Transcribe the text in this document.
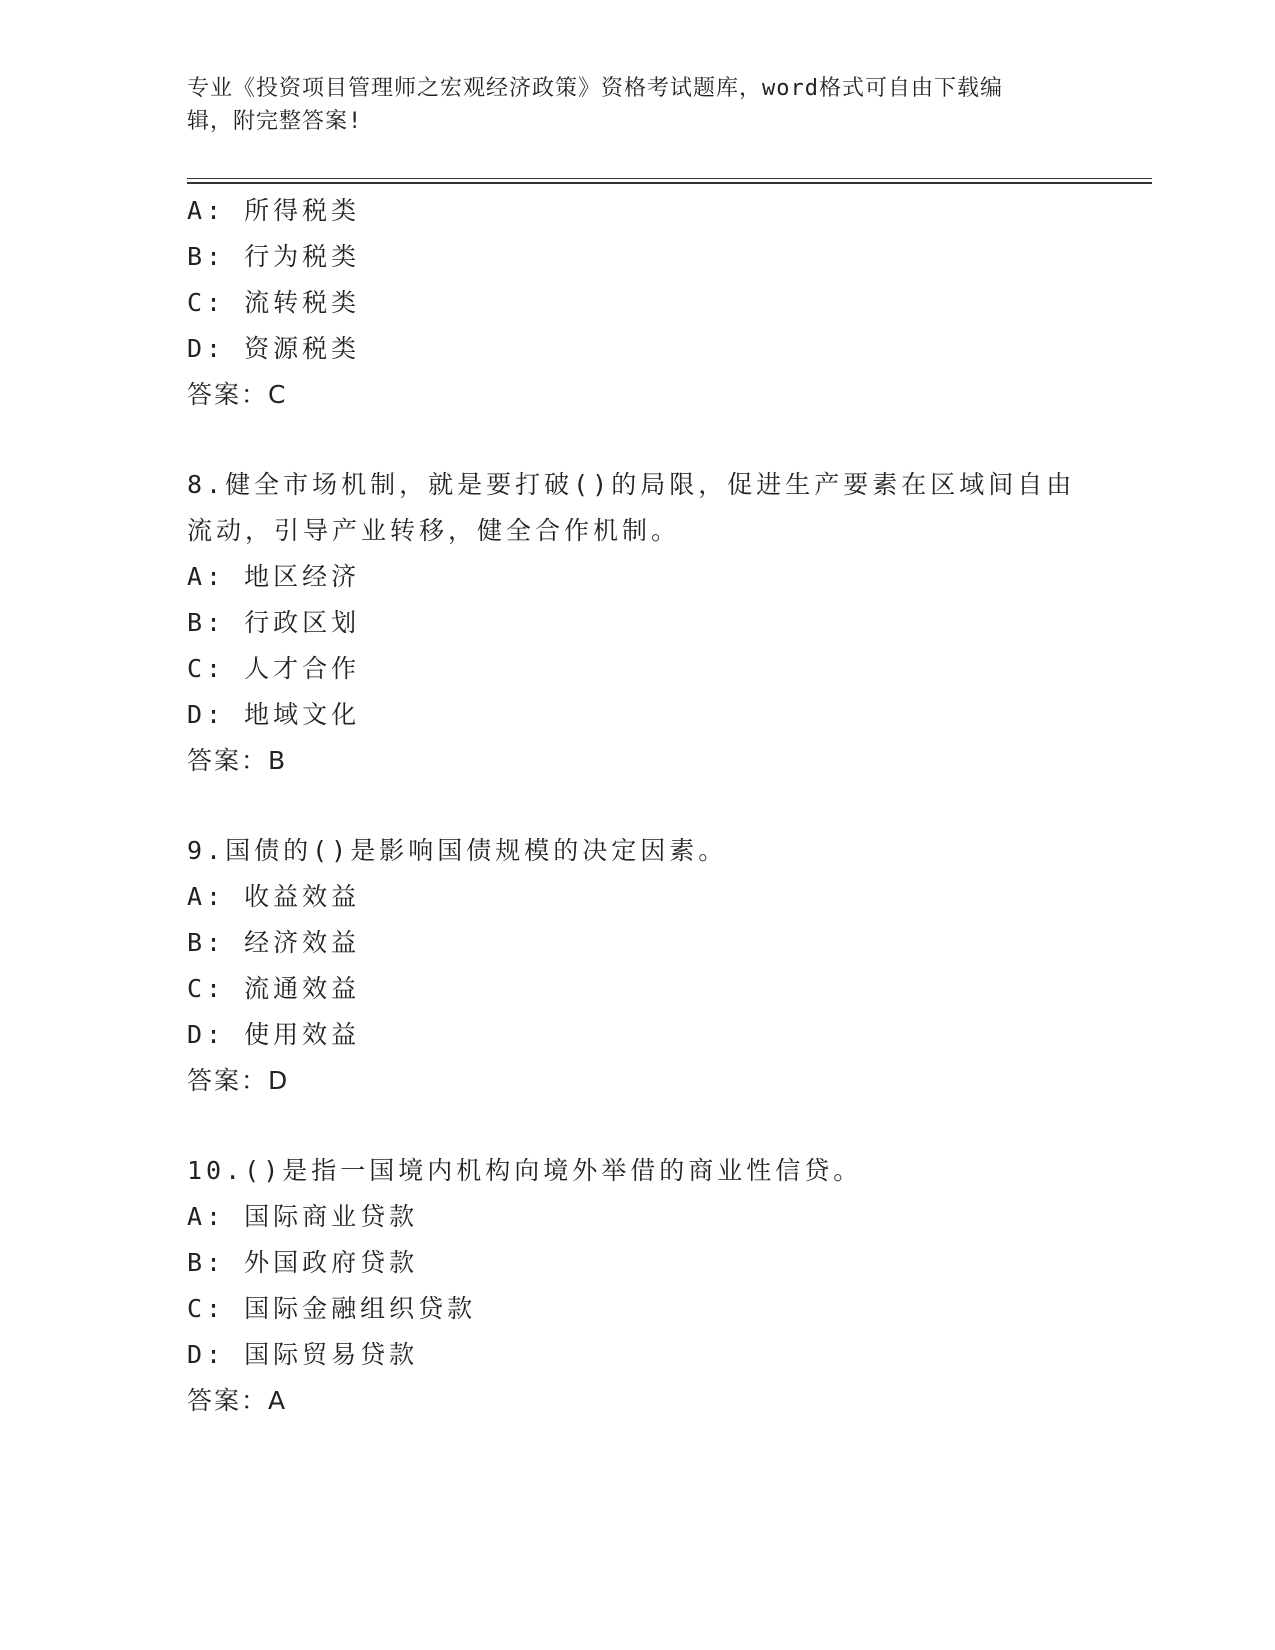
专业《投资项目管理师之宏观经济政策》资格考试题库，word格式可自由下载编
辑，附完整答案!
A: 所得税类
B: 行为税类
C: 流转税类
D: 资源税类
答案：C
8.健全市场机制，就是要打破()的局限，促进生产要素在区域间自由
流动，引导产业转移，健全合作机制。
A: 地区经济
B: 行政区划
C: 人才合作
D: 地域文化
答案：B
9.国债的()是影响国债规模的决定因素。
A: 收益效益
B: 经济效益
C: 流通效益
D: 使用效益
答案：D
10.()是指一国境内机构向境外举借的商业性信贷。
A: 国际商业贷款
B: 外国政府贷款
C: 国际金融组织贷款
D: 国际贸易贷款
答案：A
